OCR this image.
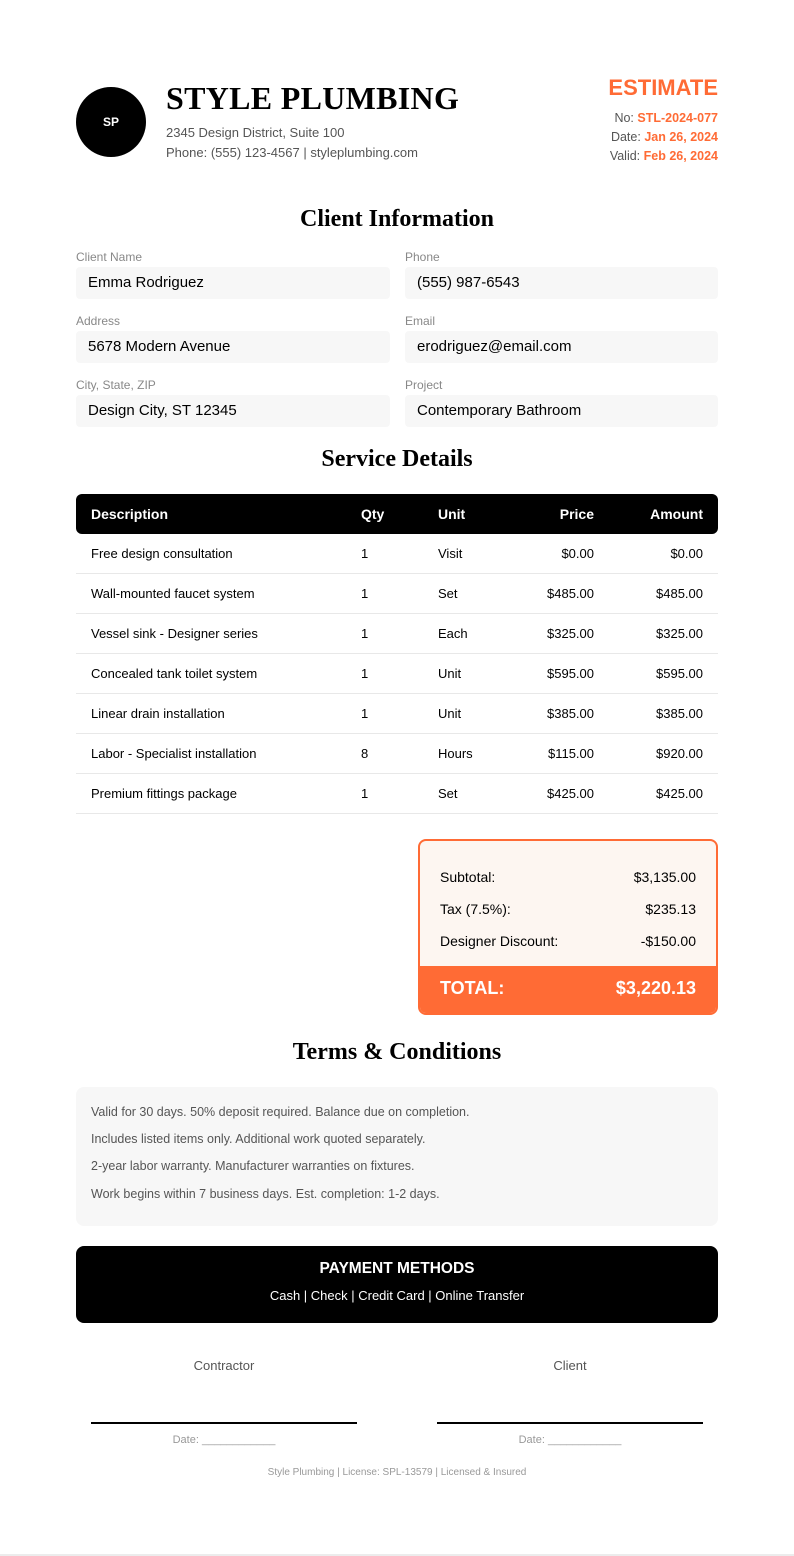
SP
STYLE PLUMBING
2345 Design District, Suite 100
Phone: (555) 123-4567 | styleplumbing.com
ESTIMATE
No: STL-2024-077
Date: Jan 26, 2024
Valid: Feb 26, 2024
Client Information
Client Name
Emma Rodriguez
Phone
(555) 987-6543
Address
5678 Modern Avenue
Email
erodriguez@email.com
City, State, ZIP
Design City, ST 12345
Project
Contemporary Bathroom
Service Details
Description	Qty	Unit	Price	Amount
Free design consultation	1	Visit	$0.00	$0.00
Wall-mounted faucet system	1	Set	$485.00	$485.00
Vessel sink - Designer series	1	Each	$325.00	$325.00
Concealed tank toilet system	1	Unit	$595.00	$595.00
Linear drain installation	1	Unit	$385.00	$385.00
Labor - Specialist installation	8	Hours	$115.00	$920.00
Premium fittings package	1	Set	$425.00	$425.00
Subtotal:	$3,135.00
Tax (7.5%):	$235.13
Designer Discount:	-$150.00
TOTAL:	$3,220.13
Terms & Conditions
Valid for 30 days. 50% deposit required. Balance due on completion.
Includes listed items only. Additional work quoted separately.
2-year labor warranty. Manufacturer warranties on fixtures.
Work begins within 7 business days. Est. completion: 1-2 days.
PAYMENT METHODS
Cash | Check | Credit Card | Online Transfer
Contractor
Date: ____________
Client
Date: ____________
Style Plumbing | License: SPL-13579 | Licensed & Insured
